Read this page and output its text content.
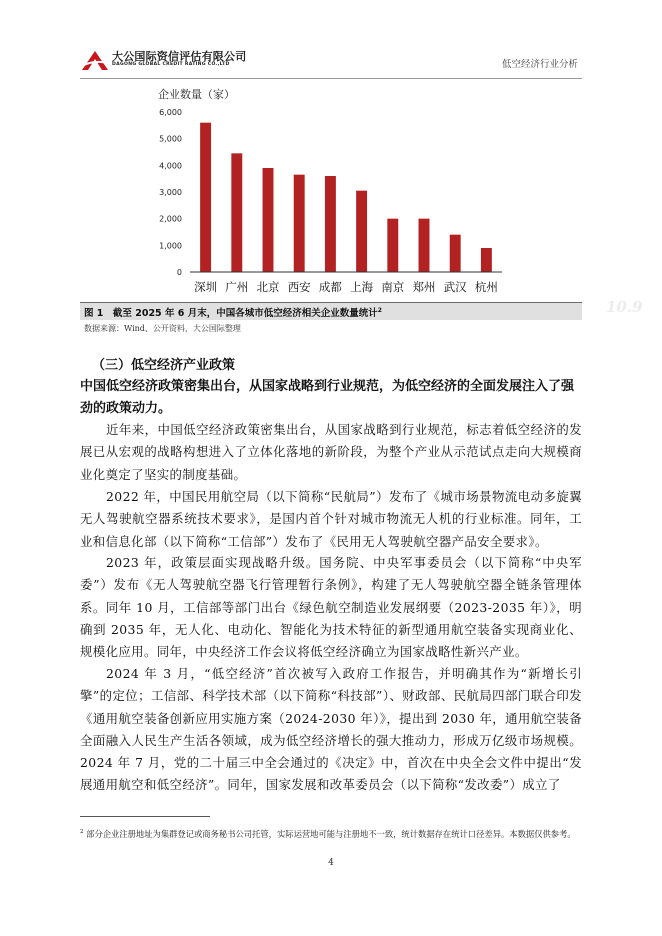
大公国际资信评估有限公司
DAGONG GLOBAL CREDIT RATING CO.,LTD	低空经济行业分析
0
1,000
2,000
3,000
4,000
5,000
6,000
深圳 广州 北京 西安 成都 上海 南京 郑州 武汉 杭州
企业数量（家）
10.9
图 1　截至 2025 年 6 月末，中国各城市低空经济相关企业数量统计$^2$
数据来源：Wind、公开资料，大公国际整理
（三）低空经济产业政策
中国低空经济政策密集出台，从国家战略到行业规范，为低空经济的全面发展注入了强劲的政策动力。
近年来，中国低空经济政策密集出台，从国家战略到行业规范，标志着低空经济的发展已从宏观的战略构想进入了立体化落地的新阶段，为整个产业从示范试点走向大规模商业化奠定了坚实的制度基础。
2022 年，中国民用航空局（以下简称“民航局”）发布了《城市场景物流电动多旋翼无人驾驶航空器系统技术要求》，是国内首个针对城市物流无人机的行业标准。同年，工业和信息化部（以下简称“工信部”）发布了《民用无人驾驶航空器产品安全要求》。
2023 年，政策层面实现战略升级。国务院、中央军事委员会（以下简称“中央军委”）发布《无人驾驶航空器飞行管理暂行条例》，构建了无人驾驶航空器全链条管理体系。同年 10 月，工信部等部门出台《绿色航空制造业发展纲要（2023-2035 年）》，明确到 2035 年，无人化、电动化、智能化为技术特征的新型通用航空装备实现商业化、规模化应用。同年，中央经济工作会议将低空经济确立为国家战略性新兴产业。
2024 年 3 月，“低空经济”首次被写入政府工作报告，并明确其作为“新增长引擎”的定位；工信部、科学技术部（以下简称“科技部”）、财政部、民航局四部门联合印发《通用航空装备创新应用实施方案（2024-2030 年）》，提出到 2030 年，通用航空装备全面融入人民生产生活各领域，成为低空经济增长的强大推动力，形成万亿级市场规模。2024 年 7 月，党的二十届三中全会通过的《决定》中，首次在中央全会文件中提出“发展通用航空和低空经济”。同年，国家发展和改革委员会（以下简称“发改委”）成立了
$^2$ 部分企业注册地址为集群登记或商务秘书公司托管，实际运营地可能与注册地不一致，统计数据存在统计口径差异。本数据仅供参考。
4
